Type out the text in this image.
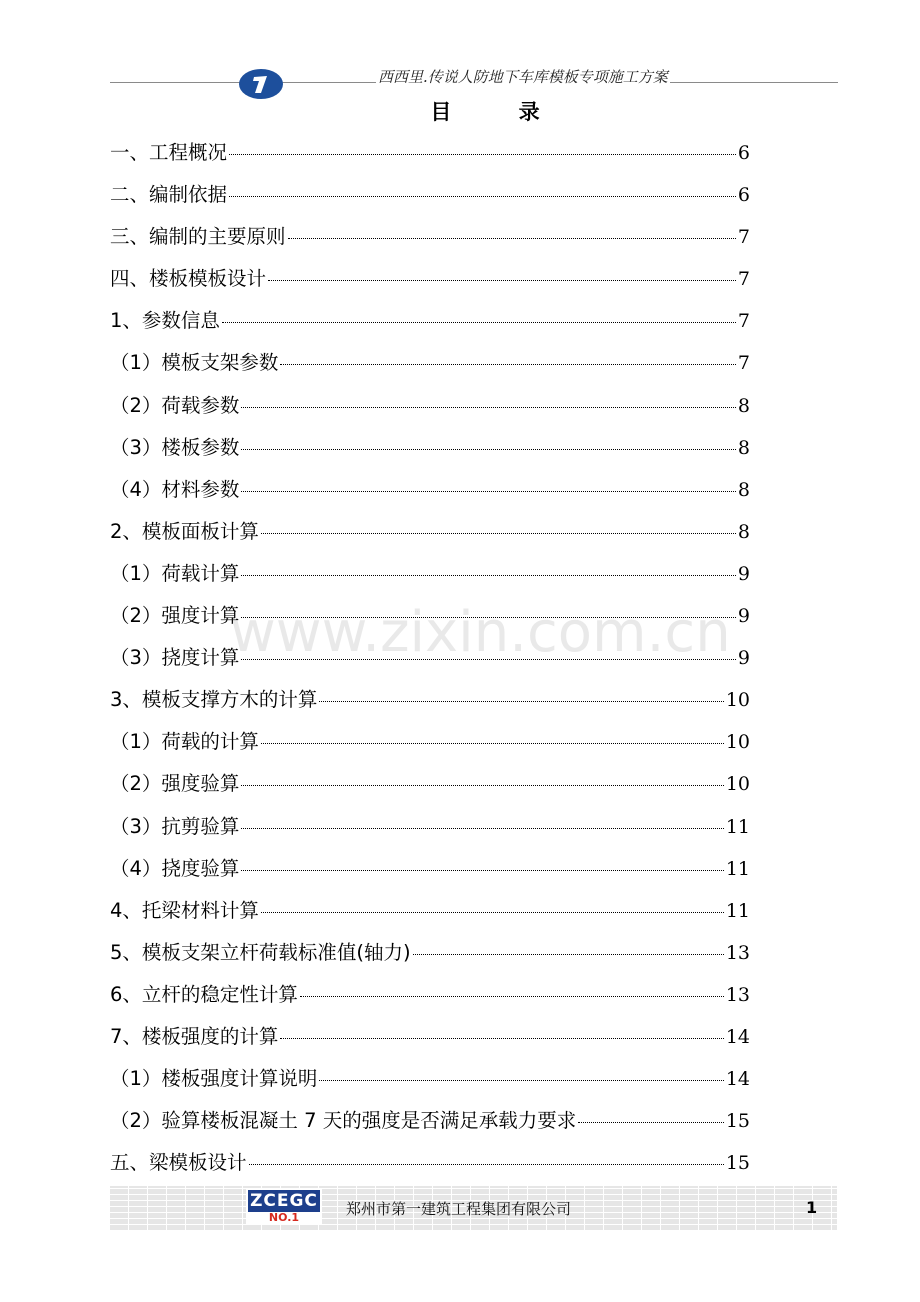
西西里.传说人防地下车库模板专项施工方案
目 录
www.zixin.com.cn
一、工程概况	6
二、编制依据	6
三、编制的主要原则	7
四、楼板模板设计	7
1、参数信息	7
（1）模板支架参数	7
（2）荷载参数	8
（3）楼板参数	8
（4）材料参数	8
2、模板面板计算	8
（1）荷载计算	9
（2）强度计算	9
（3）挠度计算	9
3、模板支撑方木的计算	10
（1）荷载的计算	10
（2）强度验算	10
（3）抗剪验算	11
（4）挠度验算	11
4、托梁材料计算	11
5、模板支架立杆荷载标准值(轴力)	13
6、立杆的稳定性计算	13
7、楼板强度的计算	14
（1）楼板强度计算说明	14
（2）验算楼板混凝土 7 天的强度是否满足承载力要求	15
五、梁模板设计	15
ZCEGC
NO.1	郑州市第一建筑工程集团有限公司	1
